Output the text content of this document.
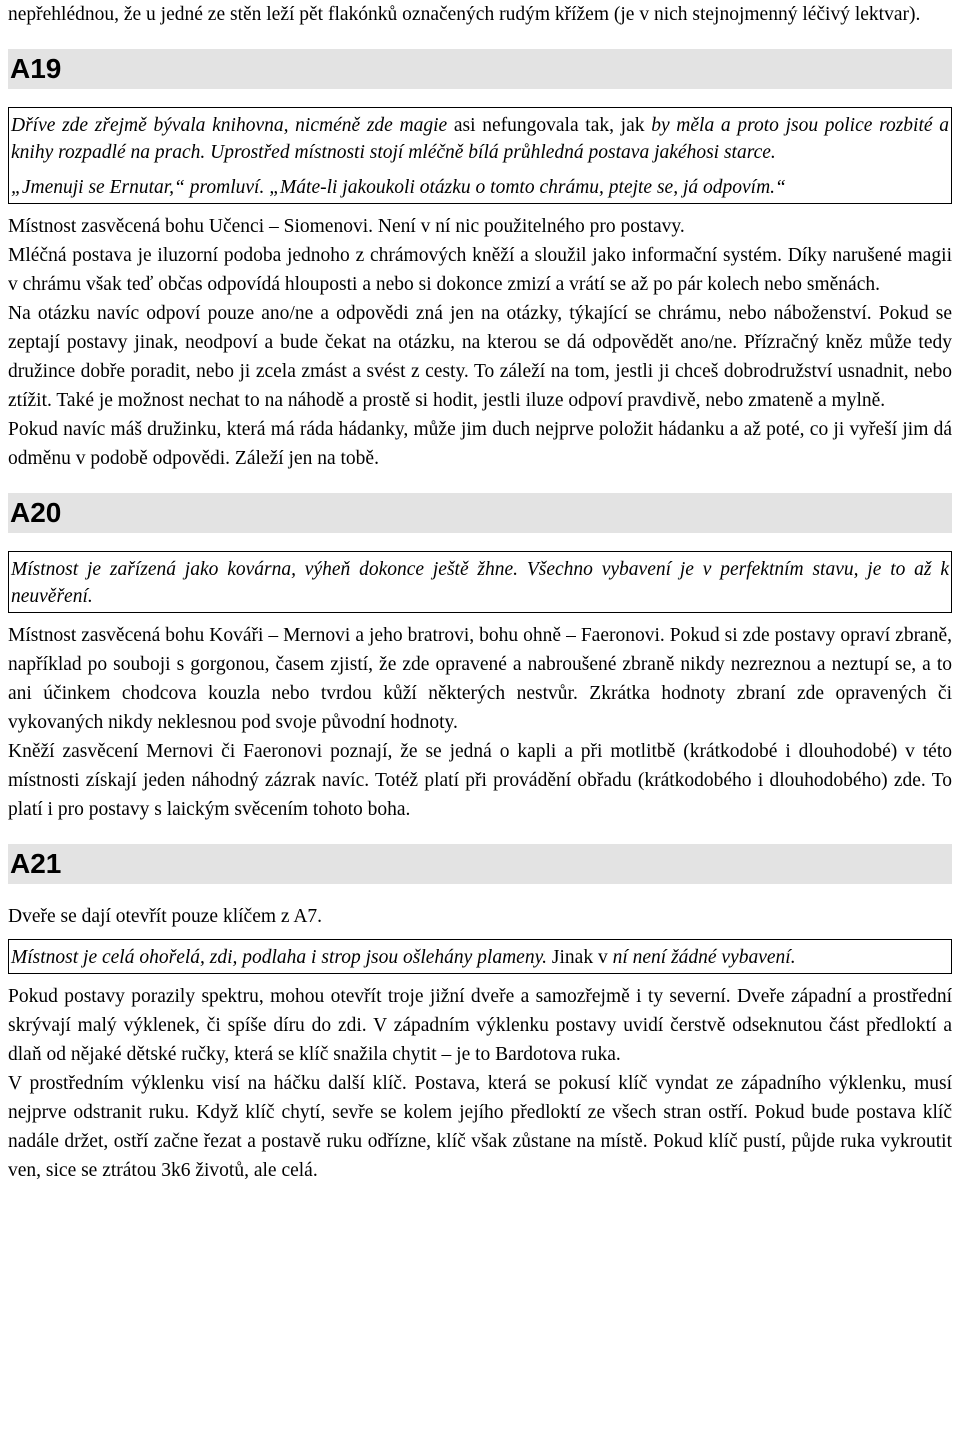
nepřehlédnou, že u jedné ze stěn leží pět flakónků označených rudým křížem (je v nich stejnojmenný léčivý lektvar).

A19

Dříve zde zřejmě bývala knihovna, nicméně zde magie asi nefungovala tak, jak by měla a proto jsou police rozbité a knihy rozpadlé na prach. Uprostřed místnosti stojí mléčně bílá průhledná postava jakéhosi starce.

„Jmenuji se Ernutar,“ promluví. „Máte-li jakoukoli otázku o tomto chrámu, ptejte se, já odpovím.“

Místnost zasvěcená bohu Učenci – Siomenovi. Není v ní nic použitelného pro postavy.

Mléčná postava je iluzorní podoba jednoho z chrámových kněží a sloužil jako informační systém. Díky narušené magii v chrámu však teď občas odpovídá hlouposti a nebo si dokonce zmizí a vrátí se až po pár kolech nebo směnách.

Na otázku navíc odpoví pouze ano/ne a odpovědi zná jen na otázky, týkající se chrámu, nebo náboženství. Pokud se zeptají postavy jinak, neodpoví a bude čekat na otázku, na kterou se dá odpovědět ano/ne. Přízračný kněz může tedy družince dobře poradit, nebo ji zcela zmást a svést z cesty. To záleží na tom, jestli ji chceš dobrodružství usnadnit, nebo ztížit. Také je možnost nechat to na náhodě a prostě si hodit, jestli iluze odpoví pravdivě, nebo zmateně a mylně.

Pokud navíc máš družinku, která má ráda hádanky, může jim duch nejprve položit hádanku a až poté, co ji vyřeší jim dá odměnu v podobě odpovědi. Záleží jen na tobě.

A20

Místnost je zařízená jako kovárna, výheň dokonce ještě žhne. Všechno vybavení je v perfektním stavu, je to až k neuvěření.

Místnost zasvěcená bohu Kováři – Mernovi a jeho bratrovi, bohu ohně – Faeronovi. Pokud si zde postavy opraví zbraně, například po souboji s gorgonou, časem zjistí, že zde opravené a nabroušené zbraně nikdy nezreznou a neztupí se, a to ani účinkem chodcova kouzla nebo tvrdou kůží některých nestvůr. Zkrátka hodnoty zbraní zde opravených či vykovaných nikdy neklesnou pod svoje původní hodnoty.

Kněží zasvěcení Mernovi či Faeronovi poznají, že se jedná o kapli a při motlitbě (krátkodobé i dlouhodobé) v této místnosti získají jeden náhodný zázrak navíc. Totéž platí při provádění obřadu (krátkodobého i dlouhodobého) zde. To platí i pro postavy s laickým svěcením tohoto boha.

A21

Dveře se dají otevřít pouze klíčem z A7.

Místnost je celá ohořelá, zdi, podlaha i strop jsou ošlehány plameny. Jinak v ní není žádné vybavení.

Pokud postavy porazily spektru, mohou otevřít troje jižní dveře a samozřejmě i ty severní. Dveře západní a prostřední skrývají malý výklenek, či spíše díru do zdi. V západním výklenku postavy uvidí čerstvě odseknutou část předloktí a dlaň od nějaké dětské ručky, která se klíč snažila chytit – je to Bardotova ruka.

V prostředním výklenku visí na háčku další klíč. Postava, která se pokusí klíč vyndat ze západního výklenku, musí nejprve odstranit ruku. Když klíč chytí, sevře se kolem jejího předloktí ze všech stran ostří. Pokud bude postava klíč nadále držet, ostří začne řezat a postavě ruku odřízne, klíč však zůstane na místě. Pokud klíč pustí, půjde ruka vykroutit ven, sice se ztrátou 3k6 životů, ale celá.
